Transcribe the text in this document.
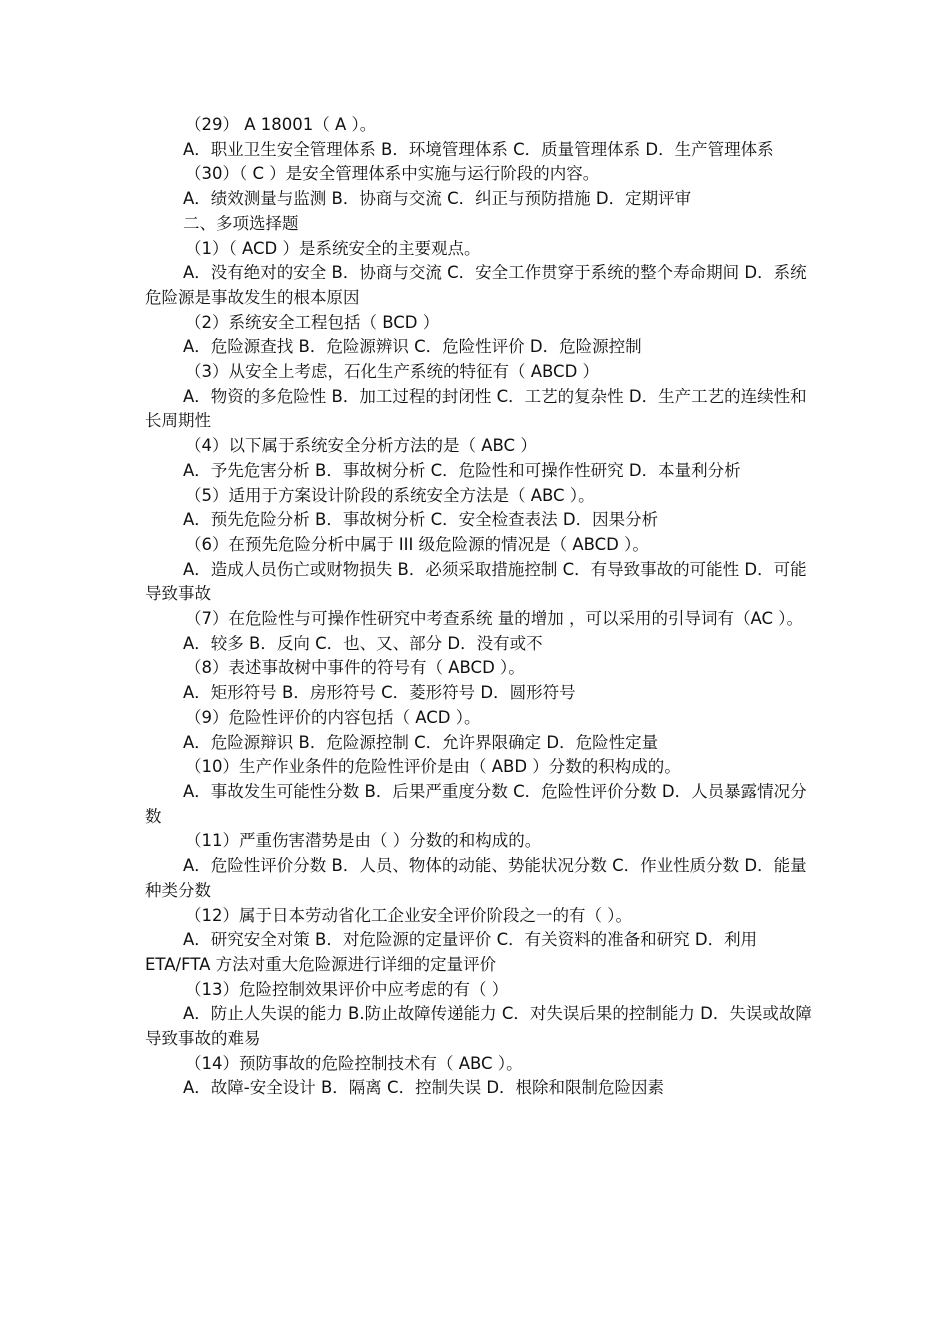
（29） A 18001（ A ）。

A．职业卫生安全管理体系 B．环境管理体系 C．质量管理体系 D．生产管理体系

（30）（ C ）是安全管理体系中实施与运行阶段的内容。

A．绩效测量与监测 B．协商与交流 C．纠正与预防措施 D．定期评审

二、多项选择题

（1）（ ACD ）是系统安全的主要观点。

A．没有绝对的安全 B．协商与交流 C．安全工作贯穿于系统的整个寿命期间 D．系统危险源是事故发生的根本原因

（2）系统安全工程包括（ BCD ）

A．危险源查找 B．危险源辨识 C．危险性评价 D．危险源控制

（3）从安全上考虑，石化生产系统的特征有（ ABCD ）

A．物资的多危险性 B．加工过程的封闭性 C．工艺的复杂性 D．生产工艺的连续性和长周期性

（4）以下属于系统安全分析方法的是（ ABC ）

A．予先危害分析 B．事故树分析 C．危险性和可操作性研究 D．本量利分析

（5）适用于方案设计阶段的系统安全方法是（ ABC ）。

A．预先危险分析 B．事故树分析 C．安全检查表法 D．因果分析

（6）在预先危险分析中属于 III 级危险源的情况是（ ABCD ）。

A．造成人员伤亡或财物损失 B．必须采取措施控制 C．有导致事故的可能性 D．可能导致事故

（7）在危险性与可操作性研究中考查系统 量的增加 ，可以采用的引导词有（AC ）。

A．较多 B．反向 C．也、又、部分 D．没有或不

（8）表述事故树中事件的符号有（ ABCD ）。

A．矩形符号 B．房形符号 C．菱形符号 D．圆形符号

（9）危险性评价的内容包括（ ACD ）。

A．危险源辩识 B．危险源控制 C．允许界限确定 D．危险性定量

（10）生产作业条件的危险性评价是由（ ABD ）分数的积构成的。

A．事故发生可能性分数 B．后果严重度分数 C．危险性评价分数 D．人员暴露情况分数

（11）严重伤害潜势是由（ ）分数的和构成的。

A．危险性评价分数 B．人员、物体的动能、势能状况分数 C．作业性质分数 D．能量种类分数

（12）属于日本劳动省化工企业安全评价阶段之一的有（ ）。

A．研究安全对策 B．对危险源的定量评价 C．有关资料的准备和研究 D．利用 ETA/FTA 方法对重大危险源进行详细的定量评价

（13）危险控制效果评价中应考虑的有（ ）

A．防止人失误的能力 B.防止故障传递能力 C．对失误后果的控制能力 D．失误或故障导致事故的难易

（14）预防事故的危险控制技术有（ ABC ）。

A．故障-安全设计 B．隔离 C．控制失误 D．根除和限制危险因素
